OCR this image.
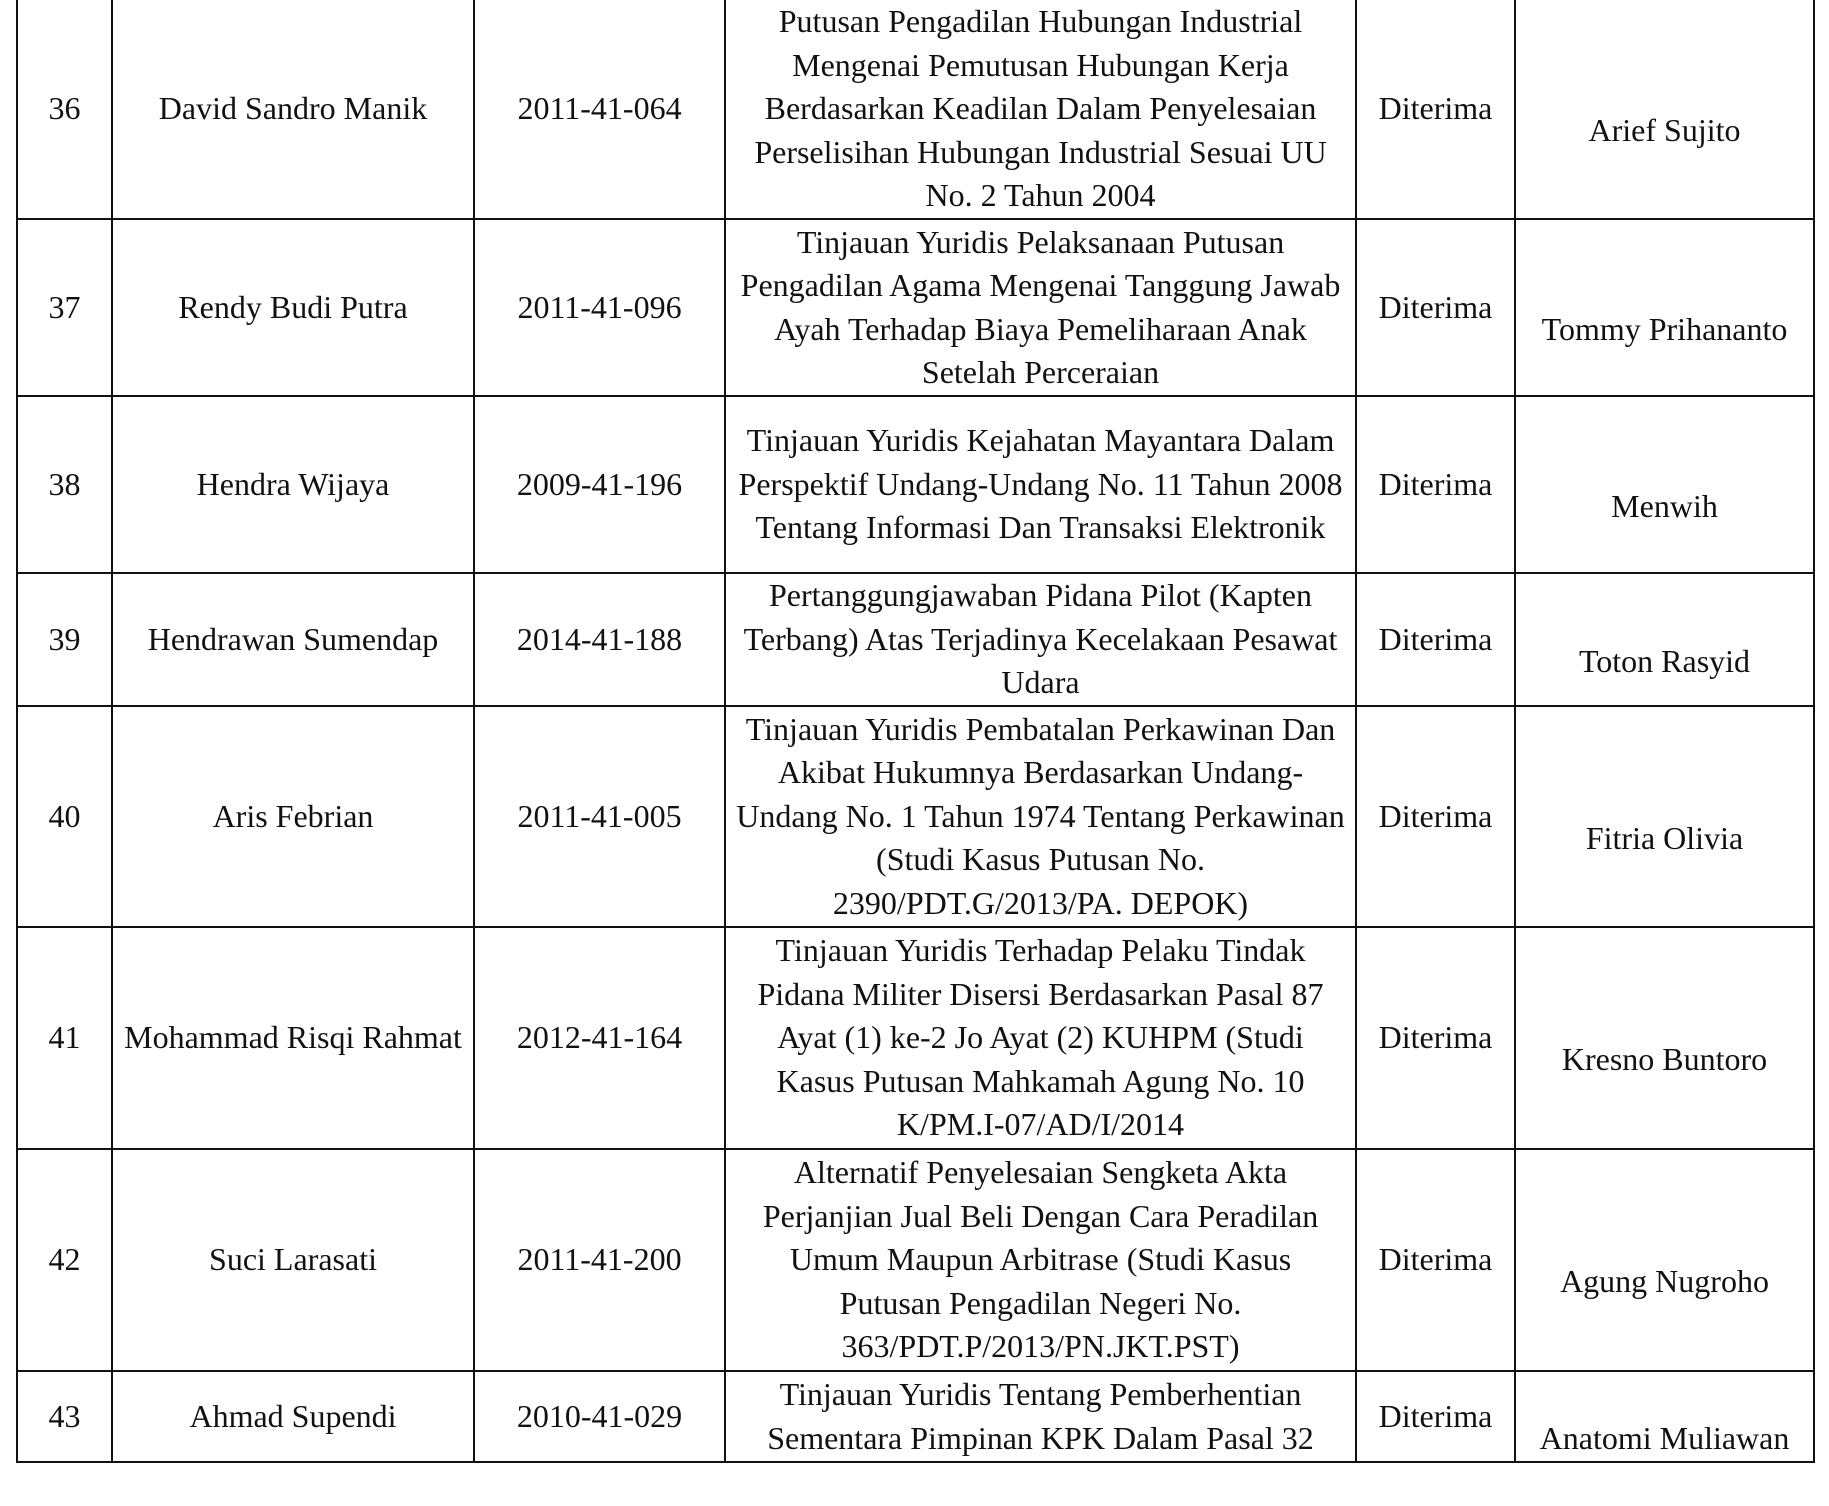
36	David Sandro Manik	2011-41-064	Putusan Pengadilan Hubungan Industrial Mengenai Pemutusan Hubungan Kerja Berdasarkan Keadilan Dalam Penyelesaian Perselisihan Hubungan Industrial Sesuai UU No. 2 Tahun 2004	Diterima	Arief Sujito
37	Rendy Budi Putra	2011-41-096	Tinjauan Yuridis Pelaksanaan Putusan Pengadilan Agama Mengenai Tanggung Jawab Ayah Terhadap Biaya Pemeliharaan Anak Setelah Perceraian	Diterima	Tommy Prihananto
38	Hendra Wijaya	2009-41-196	Tinjauan Yuridis Kejahatan Mayantara Dalam Perspektif Undang-Undang No. 11 Tahun 2008 Tentang Informasi Dan Transaksi Elektronik	Diterima	Menwih
39	Hendrawan Sumendap	2014-41-188	Pertanggungjawaban Pidana Pilot (Kapten Terbang) Atas Terjadinya Kecelakaan Pesawat Udara	Diterima	Toton Rasyid
40	Aris Febrian	2011-41-005	Tinjauan Yuridis Pembatalan Perkawinan Dan Akibat Hukumnya Berdasarkan Undang-Undang No. 1 Tahun 1974 Tentang Perkawinan (Studi Kasus Putusan No. 2390/PDT.G/2013/PA. DEPOK)	Diterima	Fitria Olivia
41	Mohammad Risqi Rahmat	2012-41-164	Tinjauan Yuridis Terhadap Pelaku Tindak Pidana Militer Disersi Berdasarkan Pasal 87 Ayat (1) ke-2 Jo Ayat (2) KUHPM (Studi Kasus Putusan Mahkamah Agung No. 10 K/PM.I-07/AD/I/2014	Diterima	Kresno Buntoro
42	Suci Larasati	2011-41-200	Alternatif Penyelesaian Sengketa Akta Perjanjian Jual Beli Dengan Cara Peradilan Umum Maupun Arbitrase (Studi Kasus Putusan Pengadilan Negeri No. 363/PDT.P/2013/PN.JKT.PST)	Diterima	Agung Nugroho
43	Ahmad Supendi	2010-41-029	Tinjauan Yuridis Tentang Pemberhentian Sementara Pimpinan KPK Dalam Pasal 32	Diterima	Anatomi Muliawan
